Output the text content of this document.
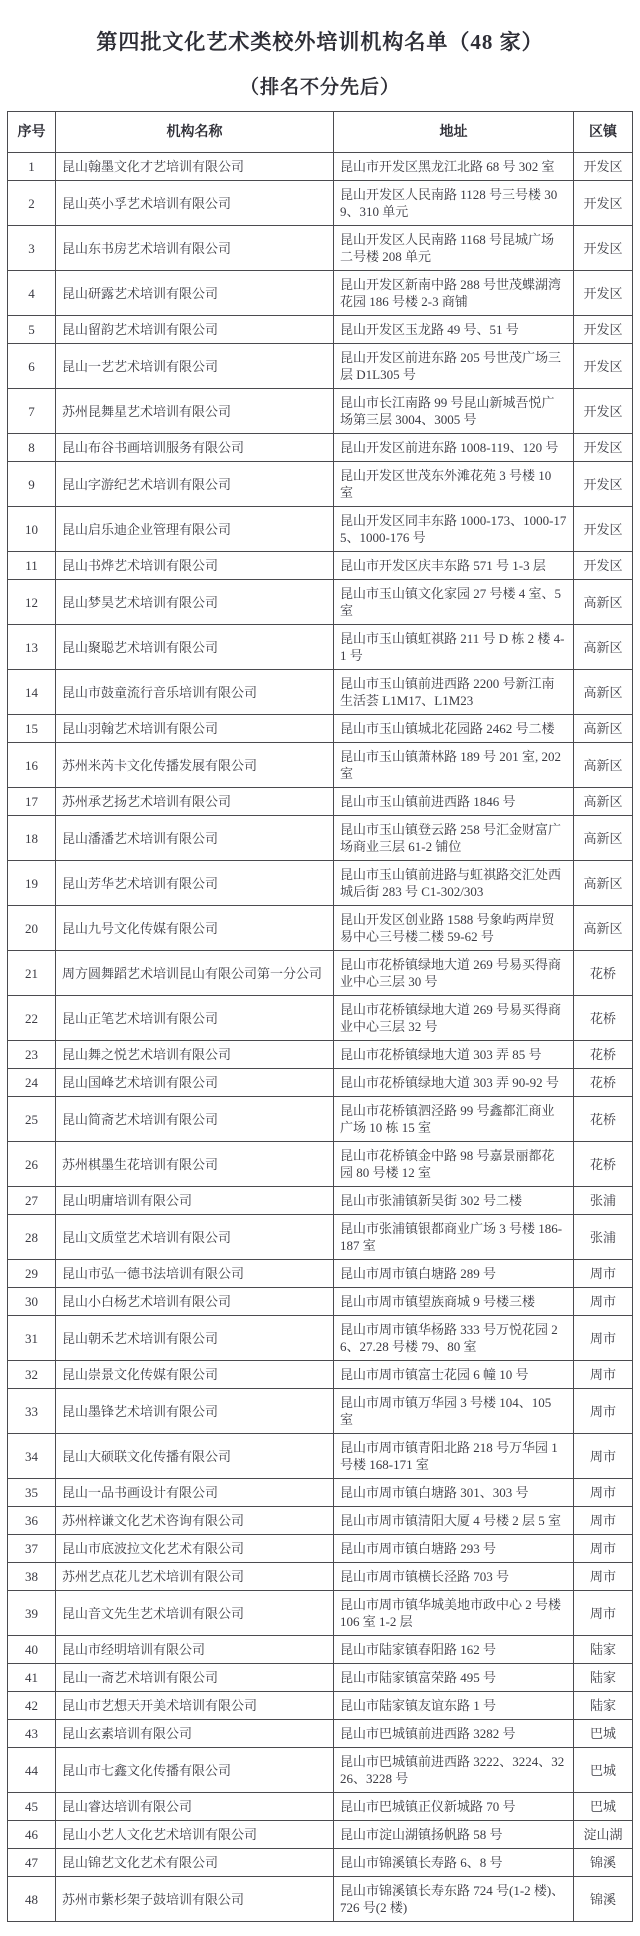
第四批文化艺术类校外培训机构名单（48 家）
（排名不分先后）
序号	机构名称	地址	区镇
1	昆山翰墨文化才艺培训有限公司	昆山市开发区黑龙江北路 68 号 302 室	开发区
2	昆山英小孚艺术培训有限公司	昆山开发区人民南路 1128 号三号楼 309、310 单元	开发区
3	昆山东书房艺术培训有限公司	昆山开发区人民南路 1168 号昆城广场二号楼 208 单元	开发区
4	昆山研露艺术培训有限公司	昆山开发区新南中路 288 号世茂蝶湖湾花园 186 号楼 2-3 商铺	开发区
5	昆山留韵艺术培训有限公司	昆山开发区玉龙路 49 号、51 号	开发区
6	昆山一艺艺术培训有限公司	昆山开发区前进东路 205 号世茂广场三层 D1L305 号	开发区
7	苏州昆舞星艺术培训有限公司	昆山市长江南路 99 号昆山新城吾悦广场第三层 3004、3005 号	开发区
8	昆山布谷书画培训服务有限公司	昆山开发区前进东路 1008-119、120 号	开发区
9	昆山字游纪艺术培训有限公司	昆山开发区世茂东外滩花苑 3 号楼 10 室	开发区
10	昆山启乐迪企业管理有限公司	昆山开发区同丰东路 1000-173、1000-175、1000-176 号	开发区
11	昆山书烨艺术培训有限公司	昆山市开发区庆丰东路 571 号 1-3 层	开发区
12	昆山梦昊艺术培训有限公司	昆山市玉山镇文化家园 27 号楼 4 室、5 室	高新区
13	昆山聚聪艺术培训有限公司	昆山市玉山镇虹祺路 211 号 D 栋 2 楼 4-1 号	高新区
14	昆山市鼓童流行音乐培训有限公司	昆山市玉山镇前进西路 2200 号新江南生活荟 L1M17、L1M23	高新区
15	昆山羽翰艺术培训有限公司	昆山市玉山镇城北花园路 2462 号二楼	高新区
16	苏州米芮卡文化传播发展有限公司	昆山市玉山镇萧林路 189 号 201 室, 202 室	高新区
17	苏州承艺扬艺术培训有限公司	昆山市玉山镇前进西路 1846 号	高新区
18	昆山潘潘艺术培训有限公司	昆山市玉山镇登云路 258 号汇金财富广场商业三层 61-2 铺位	高新区
19	昆山芳华艺术培训有限公司	昆山市玉山镇前进路与虹祺路交汇处西城后街 283 号 C1-302/303	高新区
20	昆山九号文化传媒有限公司	昆山开发区创业路 1588 号象屿两岸贸易中心三号楼二楼 59-62 号	高新区
21	周方圆舞蹈艺术培训昆山有限公司第一分公司	昆山市花桥镇绿地大道 269 号易买得商业中心三层 30 号	花桥
22	昆山正笔艺术培训有限公司	昆山市花桥镇绿地大道 269 号易买得商业中心三层 32 号	花桥
23	昆山舞之悦艺术培训有限公司	昆山市花桥镇绿地大道 303 弄 85 号	花桥
24	昆山国峰艺术培训有限公司	昆山市花桥镇绿地大道 303 弄 90-92 号	花桥
25	昆山简斋艺术培训有限公司	昆山市花桥镇泗泾路 99 号鑫都汇商业广场 10 栋 15 室	花桥
26	苏州棋墨生花培训有限公司	昆山市花桥镇金中路 98 号嘉景丽都花园 80 号楼 12 室	花桥
27	昆山明庸培训有限公司	昆山市张浦镇新吴街 302 号二楼	张浦
28	昆山文质堂艺术培训有限公司	昆山市张浦镇银都商业广场 3 号楼 186-187 室	张浦
29	昆山市弘一德书法培训有限公司	昆山市周市镇白塘路 289 号	周市
30	昆山小白杨艺术培训有限公司	昆山市周市镇望族商城 9 号楼三楼	周市
31	昆山朝禾艺术培训有限公司	昆山市周市镇华杨路 333 号万悦花园 26、27.28 号楼 79、80 室	周市
32	昆山崇景文化传媒有限公司	昆山市周市镇富士花园 6 幢 10 号	周市
33	昆山墨锋艺术培训有限公司	昆山市周市镇万华园 3 号楼 104、105 室	周市
34	昆山大硕联文化传播有限公司	昆山市周市镇青阳北路 218 号万华园 1 号楼 168-171 室	周市
35	昆山一品书画设计有限公司	昆山市周市镇白塘路 301、303 号	周市
36	苏州梓谦文化艺术咨询有限公司	昆山市周市镇清阳大厦 4 号楼 2 层 5 室	周市
37	昆山市底波拉文化艺术有限公司	昆山市周市镇白塘路 293 号	周市
38	苏州艺点花儿艺术培训有限公司	昆山市周市镇横长泾路 703 号	周市
39	昆山音文先生艺术培训有限公司	昆山市周市镇华城美地市政中心 2 号楼 106 室 1-2 层	周市
40	昆山市经明培训有限公司	昆山市陆家镇春阳路 162 号	陆家
41	昆山一斋艺术培训有限公司	昆山市陆家镇富荣路 495 号	陆家
42	昆山市艺想天开美术培训有限公司	昆山市陆家镇友谊东路 1 号	陆家
43	昆山玄素培训有限公司	昆山市巴城镇前进西路 3282 号	巴城
44	昆山市七鑫文化传播有限公司	昆山市巴城镇前进西路 3222、3224、3226、3228 号	巴城
45	昆山睿达培训有限公司	昆山市巴城镇正仪新城路 70 号	巴城
46	昆山小艺人文化艺术培训有限公司	昆山市淀山湖镇扬帆路 58 号	淀山湖
47	昆山锦艺文化艺术有限公司	昆山市锦溪镇长寿路 6、8 号	锦溪
48	苏州市紫杉架子鼓培训有限公司	昆山市锦溪镇长寿东路 724 号(1-2 楼)、726 号(2 楼)	锦溪
